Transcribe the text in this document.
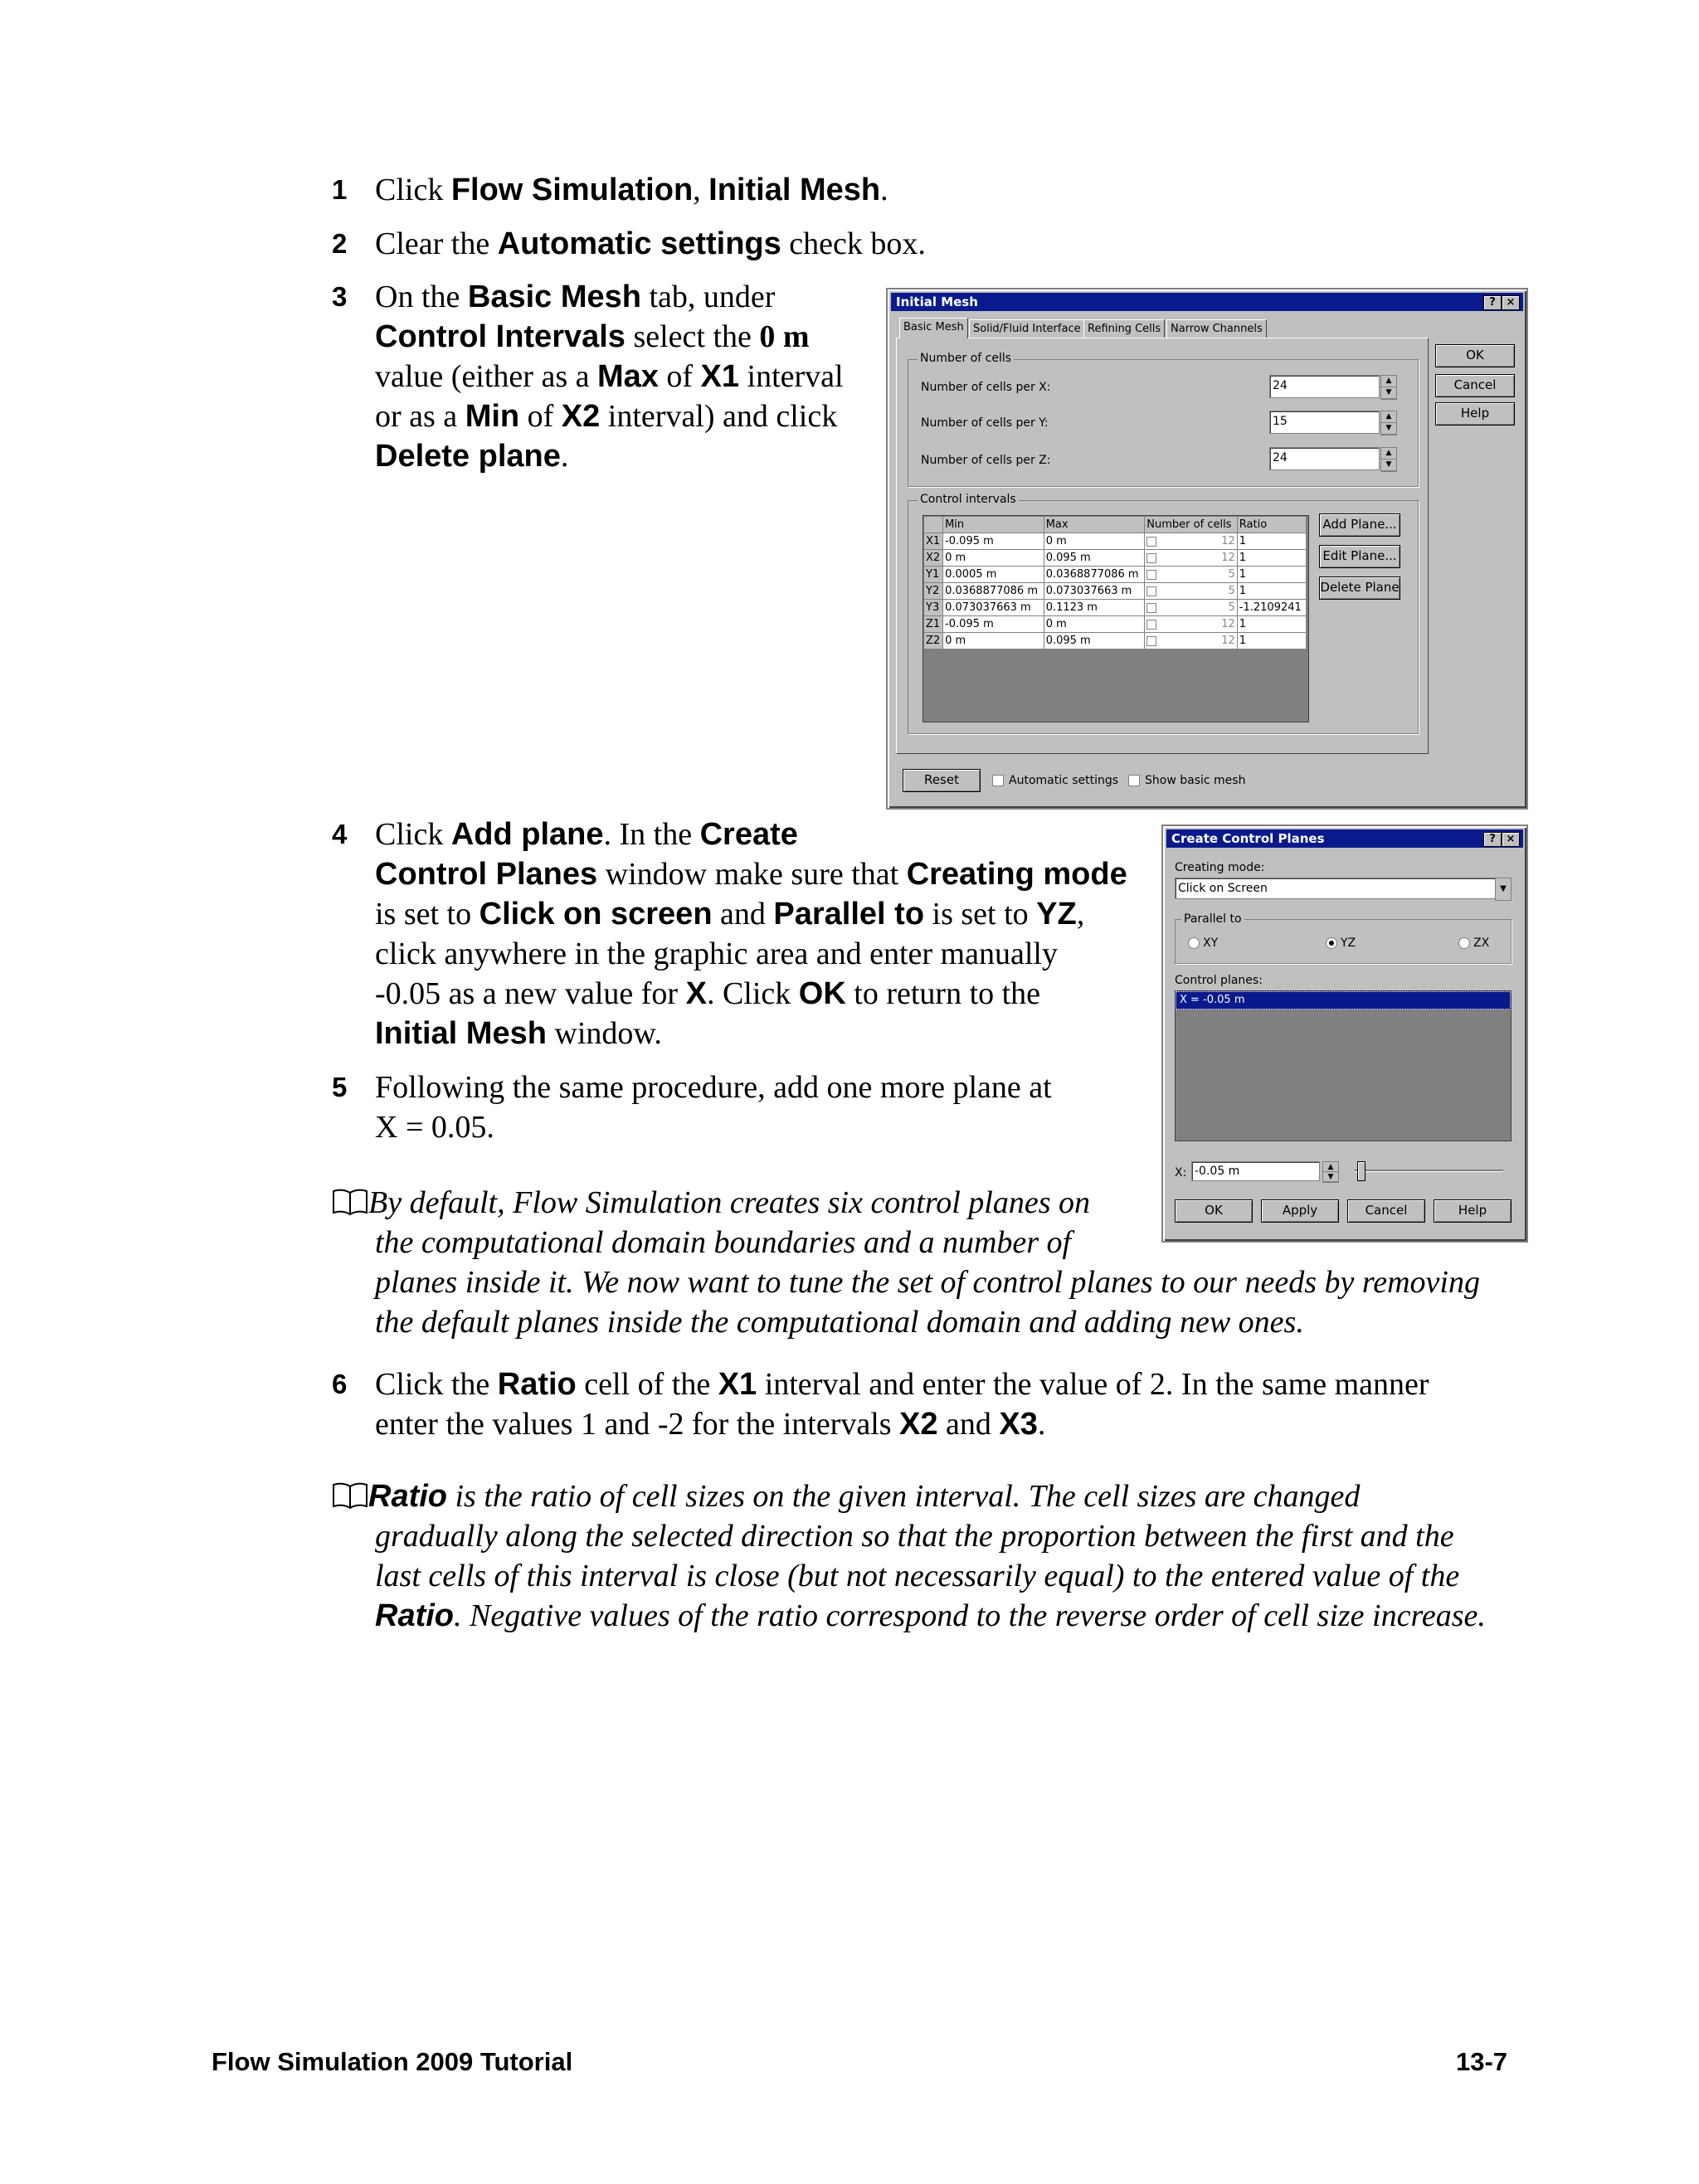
1 Click Flow Simulation, Initial Mesh.
2 Clear the Automatic settings check box.
3 On the Basic Mesh tab, under
Control Intervals select the 0 m
value (either as a Max of X1 interval
or as a Min of X2 interval) and click
Delete plane.
Initial Mesh	? ×
Basic Mesh Solid/Fluid Interface Refining Cells Narrow Channels
Number of cells
Number of cells per X:	24	▲
▼
Number of cells per Y:	15	▲
▼
Number of cells per Z:	24	▲
▼
Control intervals
	Min	Max	Number of cells	Ratio
X1	-0.095 m	0 m	12	1
X2	0 m	0.095 m	12	1
Y1	0.0005 m	0.0368877086 m	5	1
Y2	0.0368877086 m	0.073037663 m	5	1
Y3	0.073037663 m	0.1123 m	5	-1.2109241
Z1	-0.095 m	0 m	12	1
Z2	0 m	0.095 m	12	1
Add Plane...
Edit Plane...
Delete Plane
OK
Cancel
Help
Reset	Automatic settings Show basic mesh
4 Click Add plane. In the Create
Control Planes window make sure that Creating mode
is set to Click on screen and Parallel to is set to YZ,
click anywhere in the graphic area and enter manually
-0.05 as a new value for X. Click OK to return to the
Initial Mesh window.
5 Following the same procedure, add one more plane at
X = 0.05.
Create Control Planes	? ×
Creating mode:
Click on Screen	▼
Parallel to
XY	YZ	ZX
Control planes:
X = -0.05 m
X: -0.05 m	▲
▼
OK	Apply	Cancel	Help
By default, Flow Simulation creates six control planes on
the computational domain boundaries and a number of
planes inside it. We now want to tune the set of control planes to our needs by removing
the default planes inside the computational domain and adding new ones.
6 Click the Ratio cell of the X1 interval and enter the value of 2. In the same manner
enter the values 1 and -2 for the intervals X2 and X3.
Ratio is the ratio of cell sizes on the given interval. The cell sizes are changed
gradually along the selected direction so that the proportion between the first and the
last cells of this interval is close (but not necessarily equal) to the entered value of the
Ratio. Negative values of the ratio correspond to the reverse order of cell size increase.
Flow Simulation 2009 Tutorial	13-7
